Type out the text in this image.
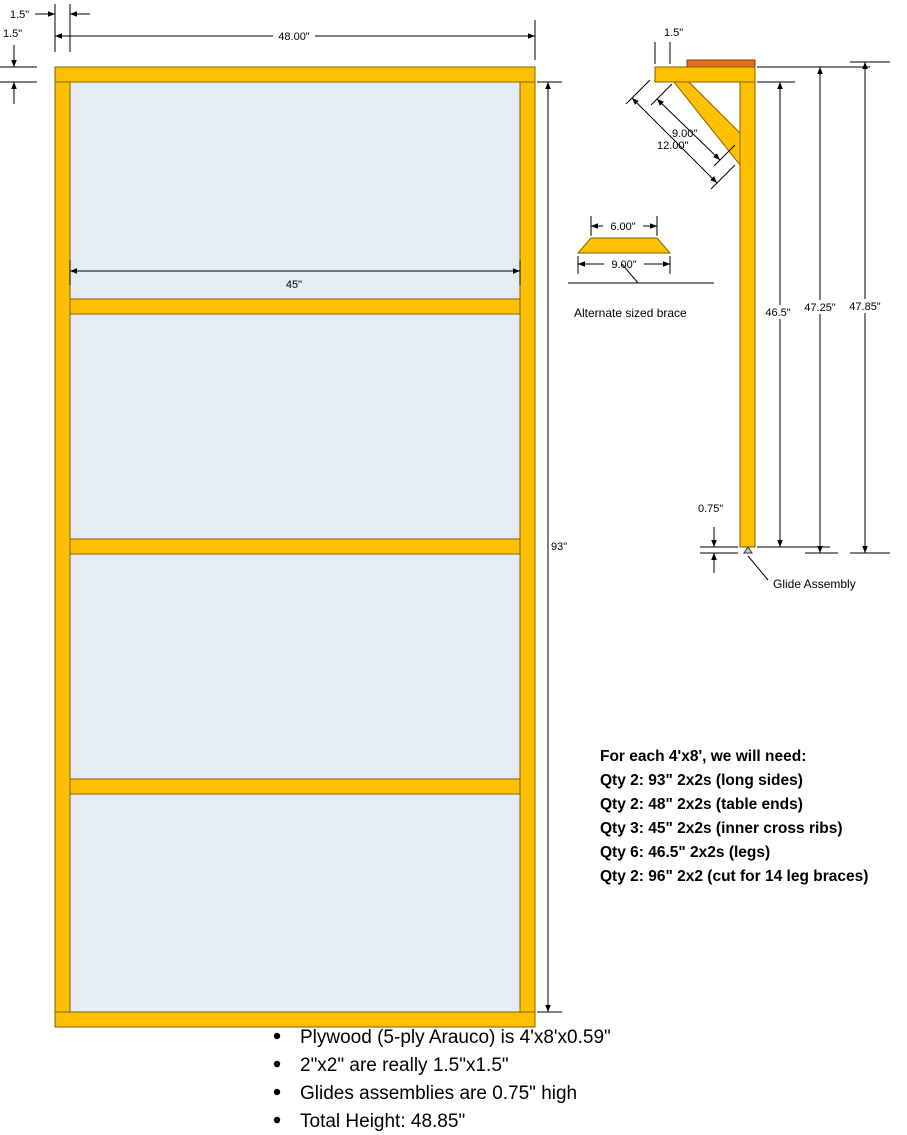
1.5"
1.5"	48.00"
45"
93"
1.5"
9.00"
12.00"
46.5" 47.25" 47.85"
0.75"
Glide Assembly
6.00"
9.00"
Alternate sized brace
For each 4'x8', we will need:
Qty 2: 93" 2x2s (long sides)
Qty 2: 48" 2x2s (table ends)
Qty 3: 45" 2x2s (inner cross ribs)
Qty 6: 46.5" 2x2s (legs)
Qty 2: 96" 2x2 (cut for 14 leg braces)
Plywood (5-ply Arauco) is 4'x8'x0.59"
2"x2" are really 1.5"x1.5"
Glides assemblies are 0.75" high
Total Height: 48.85"
